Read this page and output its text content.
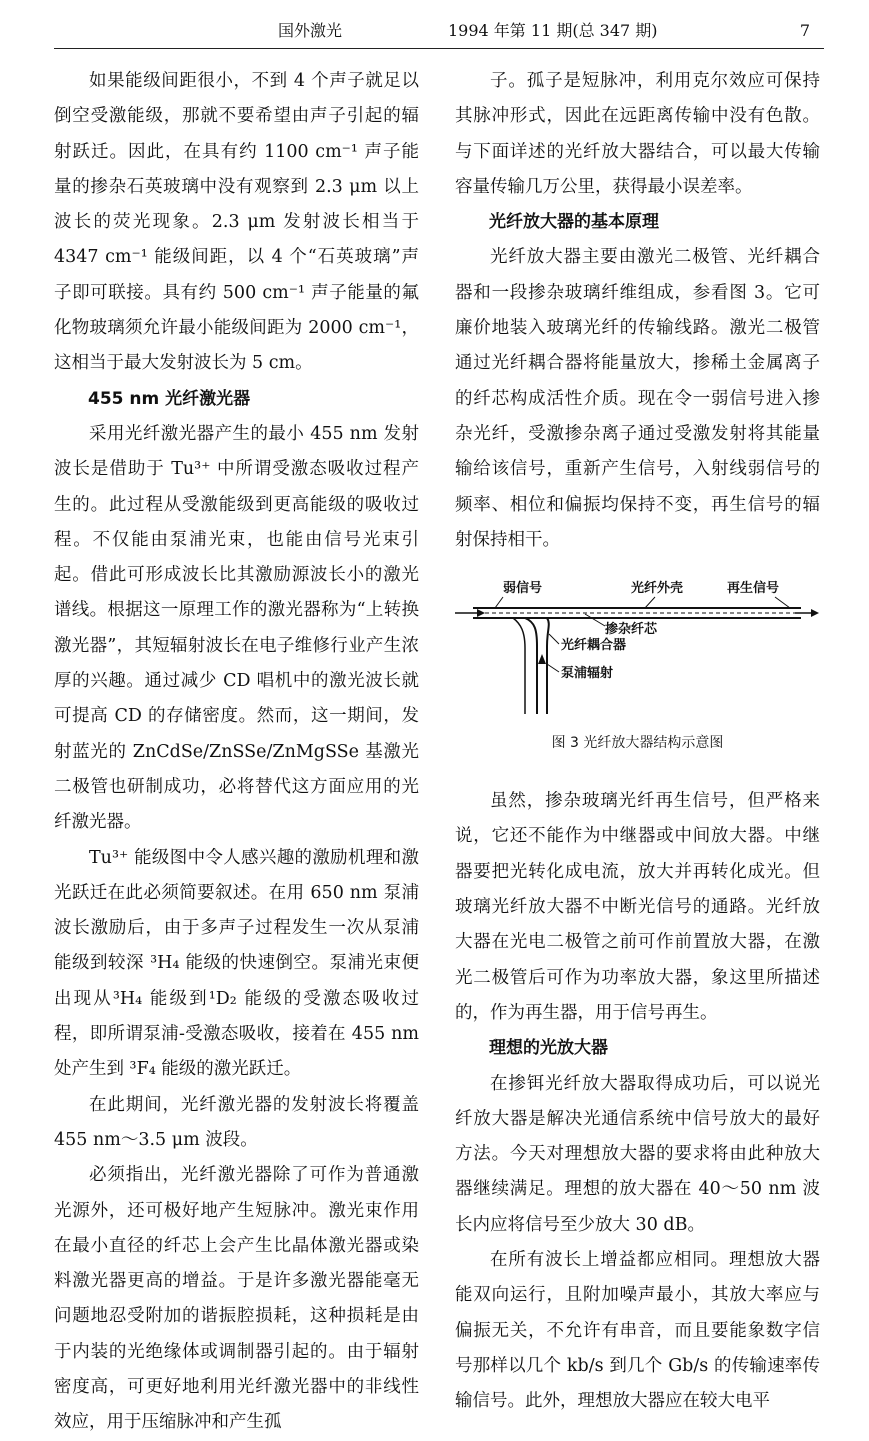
国外激光	1994 年第 11 期(总 347 期)	7

如果能级间距很小，不到 4 个声子就足以倒空受激能级，那就不要希望由声子引起的辐射跃迁。因此，在具有约 1100 cm⁻¹ 声子能量的掺杂石英玻璃中没有观察到 2.3 μm 以上波长的荧光现象。2.3 μm 发射波长相当于 4347 cm⁻¹ 能级间距，以 4 个“石英玻璃”声子即可联接。具有约 500 cm⁻¹ 声子能量的氟化物玻璃须允许最小能级间距为 2000 cm⁻¹，这相当于最大发射波长为 5 cm。

455 nm 光纤激光器

采用光纤激光器产生的最小 455 nm 发射波长是借助于 Tu³⁺ 中所谓受激态吸收过程产生的。此过程从受激能级到更高能级的吸收过程。不仅能由泵浦光束，也能由信号光束引起。借此可形成波长比其激励源波长小的激光谱线。根据这一原理工作的激光器称为“上转换激光器”，其短辐射波长在电子维修行业产生浓厚的兴趣。通过减少 CD 唱机中的激光波长就可提高 CD 的存储密度。然而，这一期间，发射蓝光的 ZnCdSe/ZnSSe/ZnMgSSe 基激光二极管也研制成功，必将替代这方面应用的光纤激光器。

Tu³⁺ 能级图中令人感兴趣的激励机理和激光跃迁在此必须简要叙述。在用 650 nm 泵浦波长激励后，由于多声子过程发生一次从泵浦能级到较深 ³H₄ 能级的快速倒空。泵浦光束便出现从³H₄ 能级到¹D₂ 能级的受激态吸收过程，即所谓泵浦-受激态吸收，接着在 455 nm 处产生到 ³F₄ 能级的激光跃迁。

在此期间，光纤激光器的发射波长将覆盖 455 nm～3.5 μm 波段。

必须指出，光纤激光器除了可作为普通激光源外，还可极好地产生短脉冲。激光束作用在最小直径的纤芯上会产生比晶体激光器或染料激光器更高的增益。于是许多激光器能毫无问题地忍受附加的谐振腔损耗，这种损耗是由于内装的光绝缘体或调制器引起的。由于辐射密度高，可更好地利用光纤激光器中的非线性效应，用于压缩脉冲和产生孤

子。孤子是短脉冲，利用克尔效应可保持其脉冲形式，因此在远距离传输中没有色散。与下面详述的光纤放大器结合，可以最大传输容量传输几万公里，获得最小误差率。

光纤放大器的基本原理

光纤放大器主要由激光二极管、光纤耦合器和一段掺杂玻璃纤维组成，参看图 3。它可廉价地装入玻璃光纤的传输线路。激光二极管通过光纤耦合器将能量放大，掺稀土金属离子的纤芯构成活性介质。现在令一弱信号进入掺杂光纤，受激掺杂离子通过受激发射将其能量输给该信号，重新产生信号，入射线弱信号的频率、相位和偏振均保持不变，再生信号的辐射保持相干。

弱信号	光纤外壳	再生信号
掺杂纤芯
光纤耦合器
泵浦辐射
图 3 光纤放大器结构示意图

虽然，掺杂玻璃光纤再生信号，但严格来说，它还不能作为中继器或中间放大器。中继器要把光转化成电流，放大并再转化成光。但玻璃光纤放大器不中断光信号的通路。光纤放大器在光电二极管之前可作前置放大器，在激光二极管后可作为功率放大器，象这里所描述的，作为再生器，用于信号再生。

理想的光放大器

在掺铒光纤放大器取得成功后，可以说光纤放大器是解决光通信系统中信号放大的最好方法。今天对理想放大器的要求将由此种放大器继续满足。理想的放大器在 40～50 nm 波长内应将信号至少放大 30 dB。

在所有波长上增益都应相同。理想放大器能双向运行，且附加噪声最小，其放大率应与偏振无关，不允许有串音，而且要能象数字信号那样以几个 kb/s 到几个 Gb/s 的传输速率传输信号。此外，理想放大器应在较大电平
